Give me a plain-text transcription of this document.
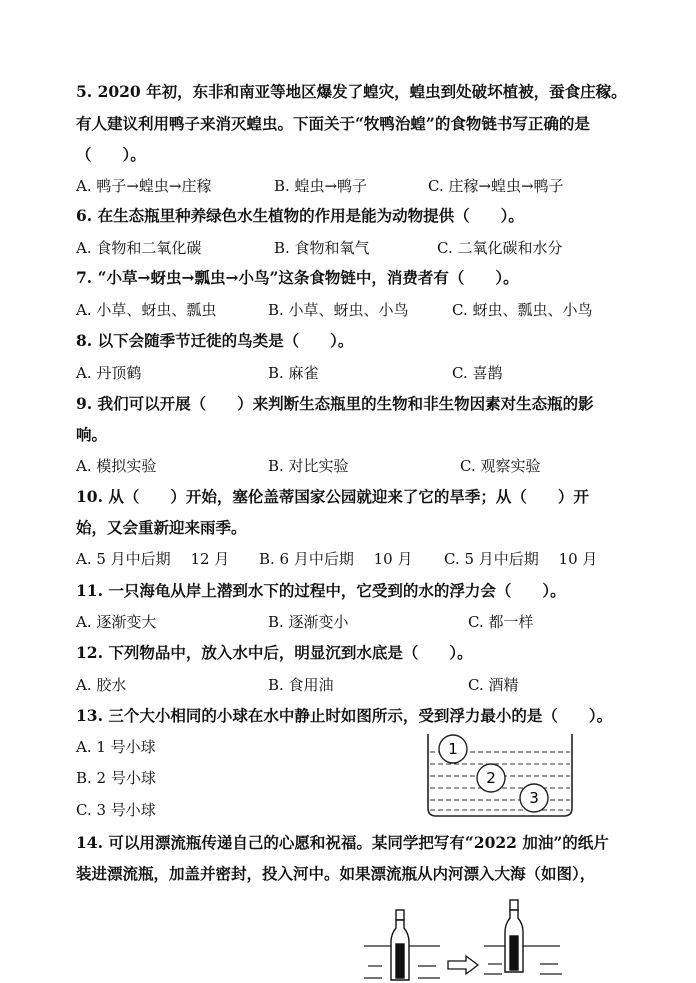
5. 2020 年初，东非和南亚等地区爆发了蝗灾，蝗虫到处破坏植被，蚕食庄稼。
有人建议利用鸭子来消灭蝗虫。下面关于“牧鸭治蝗”的食物链书写正确的是
（　　）。
A. 鸭子→蝗虫→庄稼	B. 蝗虫→鸭子	C. 庄稼→蝗虫→鸭子
6. 在生态瓶里种养绿色水生植物的作用是能为动物提供（　　）。
A. 食物和二氧化碳	B. 食物和氧气	C. 二氧化碳和水分
7. “小草→蚜虫→瓢虫→小鸟”这条食物链中，消费者有（　　）。
A. 小草、蚜虫、瓢虫	B. 小草、蚜虫、小鸟	C. 蚜虫、瓢虫、小鸟
8. 以下会随季节迁徙的鸟类是（　　）。
A. 丹顶鹤	B. 麻雀	C. 喜鹊
9. 我们可以开展（　　）来判断生态瓶里的生物和非生物因素对生态瓶的影
响。
A. 模拟实验	B. 对比实验	C. 观察实验
10. 从（　　）开始，塞伦盖蒂国家公园就迎来了它的旱季；从（　　）开
始，又会重新迎来雨季。
A. 5 月中后期　 12 月 B. 6 月中后期　 10 月 C. 5 月中后期　 10 月
11. 一只海龟从岸上潜到水下的过程中，它受到的水的浮力会（　　）。
A. 逐渐变大	B. 逐渐变小	C. 都一样
12. 下列物品中，放入水中后，明显沉到水底是（　　）。
A. 胶水	B. 食用油	C. 酒精
13. 三个大小相同的小球在水中静止时如图所示，受到浮力最小的是（　　）。
A. 1 号小球
B. 2 号小球
C. 3 号小球
1
2
3
14. 可以用漂流瓶传递自己的心愿和祝福。某同学把写有“2022 加油”的纸片
装进漂流瓶，加盖并密封，投入河中。如果漂流瓶从内河漂入大海（如图），
